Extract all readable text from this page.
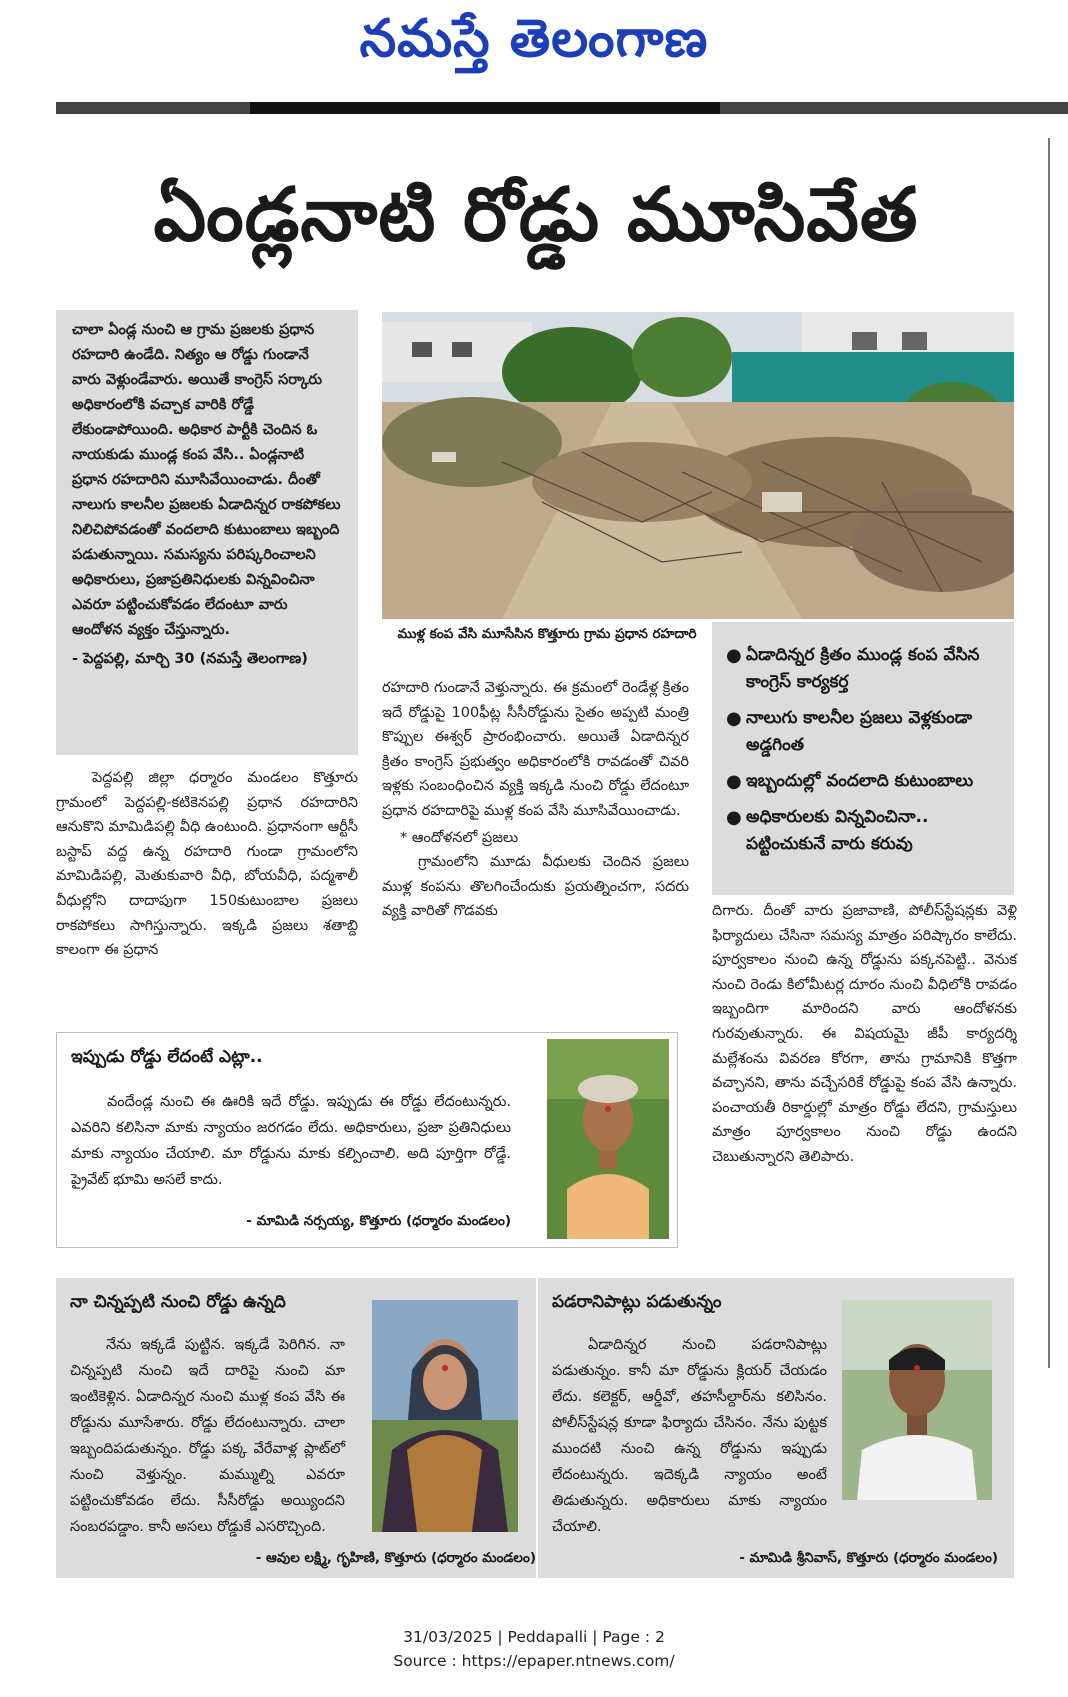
నమస్తే తెలంగాణ
ఏండ్లనాటి రోడ్డు మూసివేత

చాలా ఏండ్ల నుంచి ఆ గ్రామ ప్రజలకు ప్రధాన రహదారి ఉండేది. నిత్యం ఆ రోడ్డు గుండానే వారు వెళ్లుండేవారు. అయితే కాంగ్రెస్ సర్కారు అధికారంలోకి వచ్చాక వారికి రోడ్డే లేకుండాపోయింది. అధికార పార్టీకి చెందిన ఓ నాయకుడు ముండ్ల కంప వేసి.. ఏండ్లనాటి ప్రధాన రహదారిని మూసివేయించాడు. దీంతో నాలుగు కాలనీల ప్రజలకు ఏడాదిన్నర రాకపోకలు నిలిచిపోవడంతో వందలాది కుటుంబాలు ఇబ్బంది పడుతున్నాయి. సమస్యను పరిష్కరించాలని అధికారులు, ప్రజాప్రతినిధులకు విన్నవించినా ఎవరూ పట్టించుకోవడం లేదంటూ వారు ఆందోళన వ్యక్తం చేస్తున్నారు.

- పెద్దపల్లి, మార్చి 30 (నమస్తే తెలంగాణ)

ముళ్ల కంప వేసి మూసేసిన కొత్తూరు గ్రామ ప్రధాన రహదారి
● ఏడాదిన్నర క్రితం ముండ్ల కంప వేసిన కాంగ్రెస్ కార్యకర్త
● నాలుగు కాలనీల ప్రజలు వెళ్లకుండా అడ్డగింత
● ఇబ్బందుల్లో వందలాది కుటుంబాలు
● అధికారులకు విన్నవించినా.. పట్టించుకునే వారు కరువు

పెద్దపల్లి జిల్లా ధర్మారం మండలం కొత్తూరు గ్రామంలో పెద్దపల్లి-కటికెనపల్లి ప్రధాన రహదారిని ఆనుకొని మామిడిపల్లి వీధి ఉంటుంది. ప్రధానంగా ఆర్టీసీ బస్టాప్ వద్ద ఉన్న రహదారి గుండా గ్రామంలోని మామిడిపల్లి, మెతుకువారి వీధి, బోయవీధి, పద్మశాలీ వీధుల్లోని దాదాపుగా 150కుటుంబాల ప్రజలు రాకపోకలు సాగిస్తున్నారు. ఇక్కడి ప్రజలు శతాబ్ది కాలంగా ఈ ప్రధాన

రహదారి గుండానే వెళ్తున్నారు. ఈ క్రమంలో రెండేళ్ల క్రితం ఇదే రోడ్డుపై 100ఫీట్ల సీసీరోడ్డును సైతం అప్పటి మంత్రి కొప్పుల ఈశ్వర్ ప్రారంభించారు. అయితే ఏడాదిన్నర క్రితం కాంగ్రెస్ ప్రభుత్వం అధికారంలోకి రావడంతో చివరి ఇళ్లకు సంబంధించిన వ్యక్తి ఇక్కడి నుంచి రోడ్డు లేదంటూ ప్రధాన రహదారిపై ముళ్ల కంప వేసి మూసివేయించాడు.

* ఆందోళనలో ప్రజలు

గ్రామంలోని మూడు వీధులకు చెందిన ప్రజలు ముళ్ల కంపను తొలగించేందుకు ప్రయత్నించగా, సదరు వ్యక్తి వారితో గొడవకు	దిగారు. దీంతో వారు ప్రజావాణి, పోలీస్‌స్టేషన్లకు వెళ్లి ఫిర్యాదులు చేసినా సమస్య మాత్రం పరిష్కారం కాలేదు. పూర్వకాలం నుంచి ఉన్న రోడ్డును పక్కనపెట్టి.. వెనుక నుంచి రెండు కిలోమీటర్ల దూరం నుంచి వీధిలోకి రావడం ఇబ్బందిగా మారిందని వారు ఆందోళనకు గురవుతున్నారు. ఈ విషయమై జీపీ కార్యదర్శి మల్లేశంను వివరణ కోరగా, తాను గ్రామానికి కొత్తగా వచ్చానని, తాను వచ్చేసరికే రోడ్డుపై కంప వేసి ఉన్నారు. పంచాయతీ రికార్డుల్లో మాత్రం రోడ్డు లేదని, గ్రామస్తులు మాత్రం పూర్వకాలం నుంచి రోడ్డు ఉందని చెబుతున్నారని తెలిపారు.

ఇప్పుడు రోడ్డు లేదంటే ఎట్లా..

వందేండ్ల నుంచి ఈ ఊరికి ఇదే రోడ్డు. ఇప్పుడు ఈ రోడ్డు లేదంటున్నరు. ఎవరిని కలిసినా మాకు న్యాయం జరగడం లేదు. అధికారులు, ప్రజా ప్రతినిధులు మాకు న్యాయం చేయాలి. మా రోడ్డును మాకు కల్పించాలి. అది పూర్తిగా రోడ్డే. ప్రైవేట్ భూమి అసలే కాదు.

- మామిడి నర్సయ్య, కొత్తూరు (ధర్మారం మండలం)
నా చిన్నప్పటి నుంచి రోడ్డు ఉన్నది

నేను ఇక్కడే పుట్టిన. ఇక్కడే పెరిగిన. నా చిన్నప్పటి నుంచి ఇదే దారిపై నుంచి మా ఇంటికెళ్లిన. ఏడాదిన్నర నుంచి ముళ్ల కంప వేసి ఈ రోడ్డును మూసేశారు. రోడ్డు లేదంటున్నారు. చాలా ఇబ్బందిపడుతున్నం. రోడ్డు పక్క వేరేవాళ్ల ప్లాట్‌లో నుంచి వెళ్తున్నం. మమ్ముల్ని ఎవరూ పట్టించుకోవడం లేదు. సీసీరోడ్డు అయ్యిందని సంబరపడ్డాం. కానీ అసలు రోడ్డుకే ఎసరొచ్చింది.

- ఆవుల లక్ష్మి, గృహిణి, కొత్తూరు (ధర్మారం మండలం)
పడరానిపాట్లు పడుతున్నం

ఏడాదిన్నర నుంచి పడరానిపాట్లు పడుతున్నం. కానీ మా రోడ్డును క్లియర్ చేయడం లేదు. కలెక్టర్, ఆర్డీవో, తహసీల్దార్‌ను కలిసినం. పోలీస్‌స్టేషన్ల కూడా ఫిర్యాదు చేసినం. నేను పుట్టక ముందటి నుంచి ఉన్న రోడ్డును ఇప్పుడు లేదంటున్నరు. ఇదెక్కడి న్యాయం అంటే తిడుతున్నరు. అధికారులు మాకు న్యాయం చేయాలి.

- మామిడి శ్రీనివాస్, కొత్తూరు (ధర్మారం మండలం)
31/03/2025 | Peddapalli | Page : 2
Source : https://epaper.ntnews.com/
